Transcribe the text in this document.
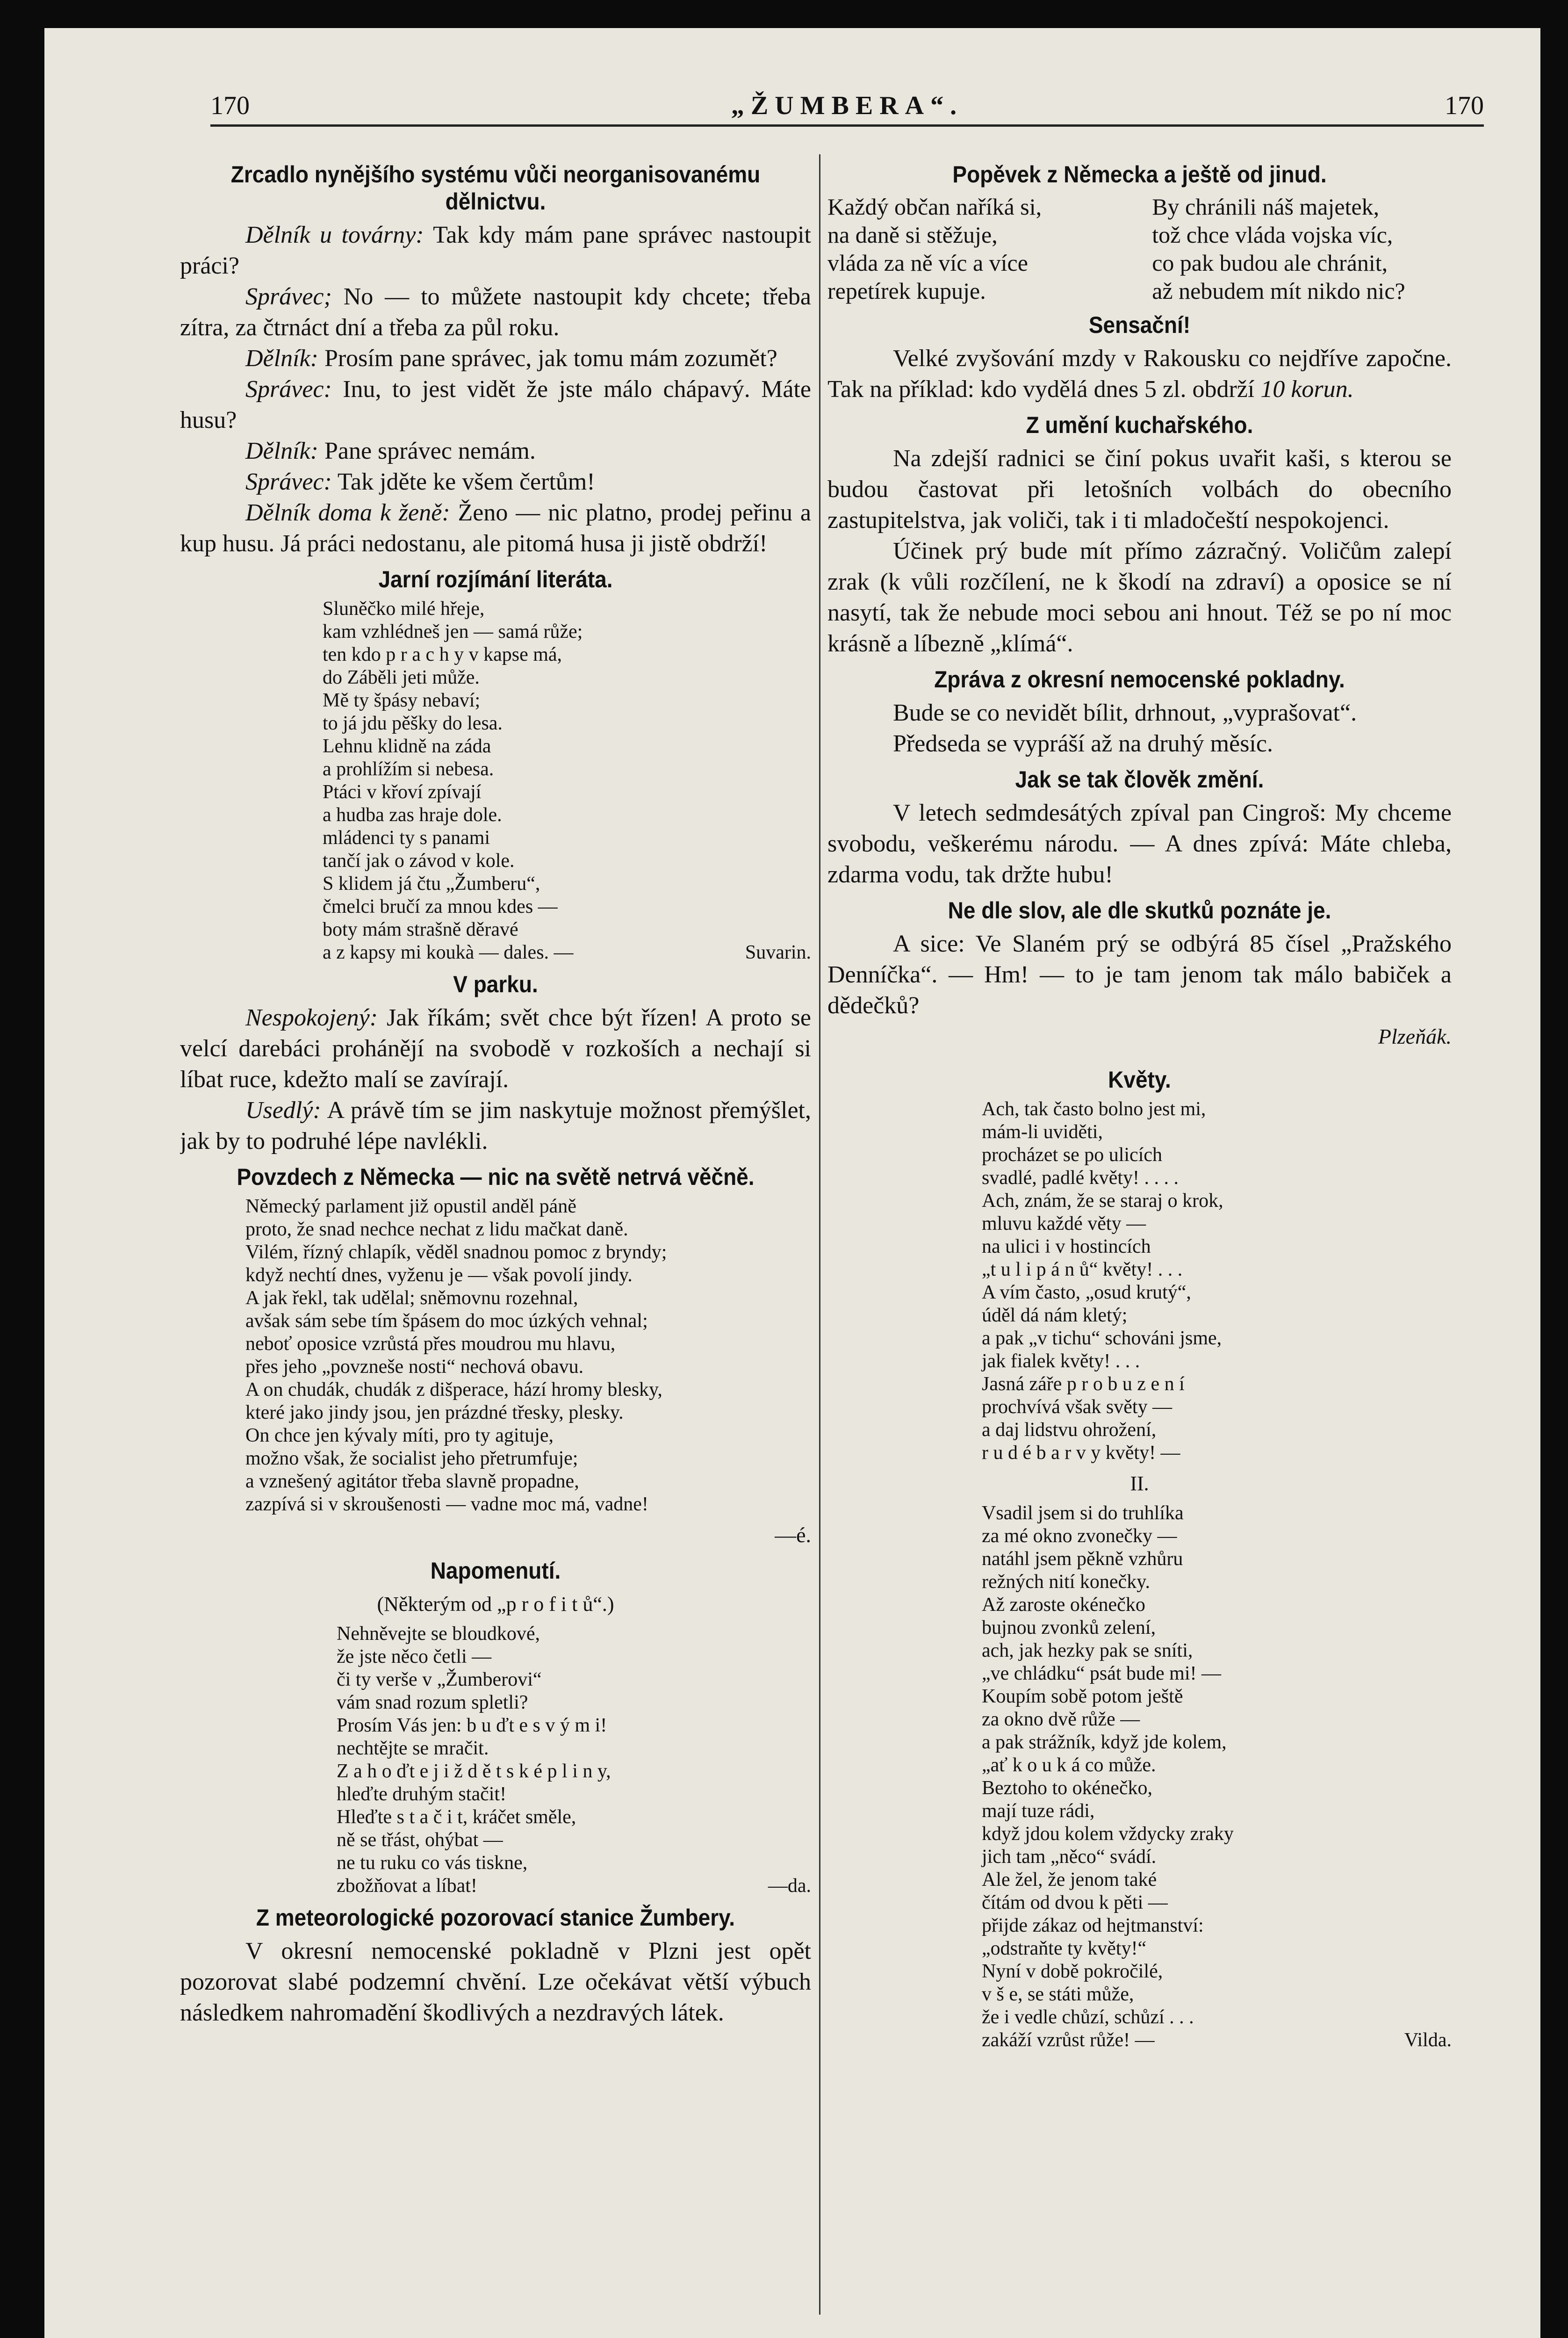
170	„ŽUMBERA“.	170
Zrcadlo nynějšího systému vůči neorganisovanému dělnictvu.

Dělník u továrny: Tak kdy mám pane správec nastoupit práci?

Správec; No — to můžete nastoupit kdy chcete; třeba zítra, za čtrnáct dní a třeba za půl roku.

Dělník: Prosím pane správec, jak tomu mám zozumět?

Správec: Inu, to jest vidět že jste málo chápavý. Máte husu?

Dělník: Pane správec nemám.

Správec: Tak jděte ke všem čertům!

Dělník doma k ženě: Ženo — nic platno, prodej peřinu a kup husu. Já práci nedostanu, ale pitomá husa ji jistě obdrží!

Jarní rozjímání literáta.
Sluněčko milé hřeje,
kam vzhlédneš jen — samá růže;
ten kdo p r a c h y v kapse má,
do Záběli jeti může.
Mě ty špásy nebaví;
to já jdu pěšky do lesa.
Lehnu klidně na záda
a prohlížím si nebesa.
Ptáci v křoví zpívají
a hudba zas hraje dole.
mládenci ty s panami
tančí jak o závod v kole.
S klidem já čtu „Žumberu“,
čmelci bručí za mnou kdes —
boty mám strašně děravé
a z kapsy mi koukà — dales. —	Suvarin.
V parku.

Nespokojený: Jak říkám; svět chce být řízen! A proto se velcí darebáci prohánějí na svobodě v rozkoších a nechají si líbat ruce, kdežto malí se zavírají.

Usedlý: A právě tím se jim naskytuje možnost přemýšlet, jak by to podruhé lépe navlékli.

Povzdech z Německa — nic na světě netrvá věčně.
Německý parlament již opustil anděl páně
proto, že snad nechce nechat z lidu mačkat daně.
Vilém, řízný chlapík, věděl snadnou pomoc z bryndy;
když nechtí dnes, vyženu je — však povolí jindy.
A jak řekl, tak udělal; sněmovnu rozehnal,
avšak sám sebe tím špásem do moc úzkých vehnal;
neboť oposice vzrůstá přes moudrou mu hlavu,
přes jeho „povzneše nosti“ nechová obavu.
A on chudák, chudák z dišperace, hází hromy blesky,
které jako jindy jsou, jen prázdné třesky, plesky.
On chce jen kývaly míti, pro ty agituje,
možno však, že socialist jeho přetrumfuje;
a vznešený agitátor třeba slavně propadne,
zazpívá si v skroušenosti — vadne moc má, vadne!
—é.
Napomenutí.
(Některým od „p r o f i t ů“.)
Nehněvejte se bloudkové,
že jste něco četli —
či ty verše v „Žumberovi“
vám snad rozum spletli?
Prosím Vás jen: b u ďt e s v ý m i!
nechtějte se mračit.
Z a h o ďt e j i ž d ě t s k é p l i n y,
hleďte druhým stačit!
Hleďte s t a č i t, kráčet směle,
ně se třást, ohýbat —
ne tu ruku co vás tiskne,
zbožňovat a líbat!	—da.
Z meteorologické pozorovací stanice Žumbery.

V okresní nemocenské pokladně v Plzni jest opět pozorovat slabé podzemní chvění. Lze očekávat větší výbuch následkem nahromadění škodlivých a nezdravých látek.

Popěvek z Německa a ještě od jinud.
Každý občan naříká si,
na daně si stěžuje,
vláda za ně víc a více
repetírek kupuje.
By chránili náš majetek,
tož chce vláda vojska víc,
co pak budou ale chránit,
až nebudem mít nikdo nic?
Sensační!

Velké zvyšování mzdy v Rakousku co nejdříve započne. Tak na příklad: kdo vydělá dnes 5 zl. obdrží 10 korun.

Z umění kuchařského.

Na zdejší radnici se činí pokus uvařit kaši, s kterou se budou častovat při letošních volbách do obecního zastupitelstva, jak voliči, tak i ti mladočeští nespokojenci.

Účinek prý bude mít přímo zázračný. Voličům zalepí zrak (k vůli rozčílení, ne k škodí na zdraví) a oposice se ní nasytí, tak že nebude moci sebou ani hnout. Též se po ní moc krásně a líbezně „klímá“.

Zpráva z okresní nemocenské pokladny.

Bude se co nevidět bílit, drhnout, „vyprašovat“.

Předseda se vypráší až na druhý měsíc.

Jak se tak člověk změní.

V letech sedmdesátých zpíval pan Cingroš: My chceme svobodu, veškerému národu. — A dnes zpívá: Máte chleba, zdarma vodu, tak držte hubu!

Ne dle slov, ale dle skutků poznáte je.

A sice: Ve Slaném prý se odbýrá 85 čísel „Pražského Denníčka“. — Hm! — to je tam jenom tak málo babiček a dědečků?

Plzeňák.
Květy.
Ach, tak často bolno jest mi,
mám-li uviděti,
procházet se po ulicích
svadlé, padlé květy! . . . .
Ach, znám, že se staraj o krok,
mluvu každé věty —
na ulici i v hostincích
„t u l i p á n ů“ květy! . . .
A vím často, „osud krutý“,
úděl dá nám kletý;
a pak „v tichu“ schováni jsme,
jak fialek květy! . . .
Jasná záře p r o b u z e n í
prochvívá však světy —
a daj lidstvu ohrožení,
r u d é b a r v y květy! —
II.
Vsadil jsem si do truhlíka
za mé okno zvonečky —
natáhl jsem pěkně vzhůru
režných nití konečky.
Až zaroste okénečko
bujnou zvonků zelení,
ach, jak hezky pak se sníti,
„ve chládku“ psát bude mi! —
Koupím sobě potom ještě
za okno dvě růže —
a pak strážník, když jde kolem,
„ať k o u k á co může.
Beztoho to okénečko,
mají tuze rádi,
když jdou kolem vždycky zraky
jich tam „něco“ svádí.
Ale žel, že jenom také
čítám od dvou k pěti —
přijde zákaz od hejtmanství:
„odstraňte ty květy!“
Nyní v době pokročilé,
v š e, se státi může,
že i vedle chůzí, schůzí . . .
zakáží vzrůst růže! —	Vilda.
